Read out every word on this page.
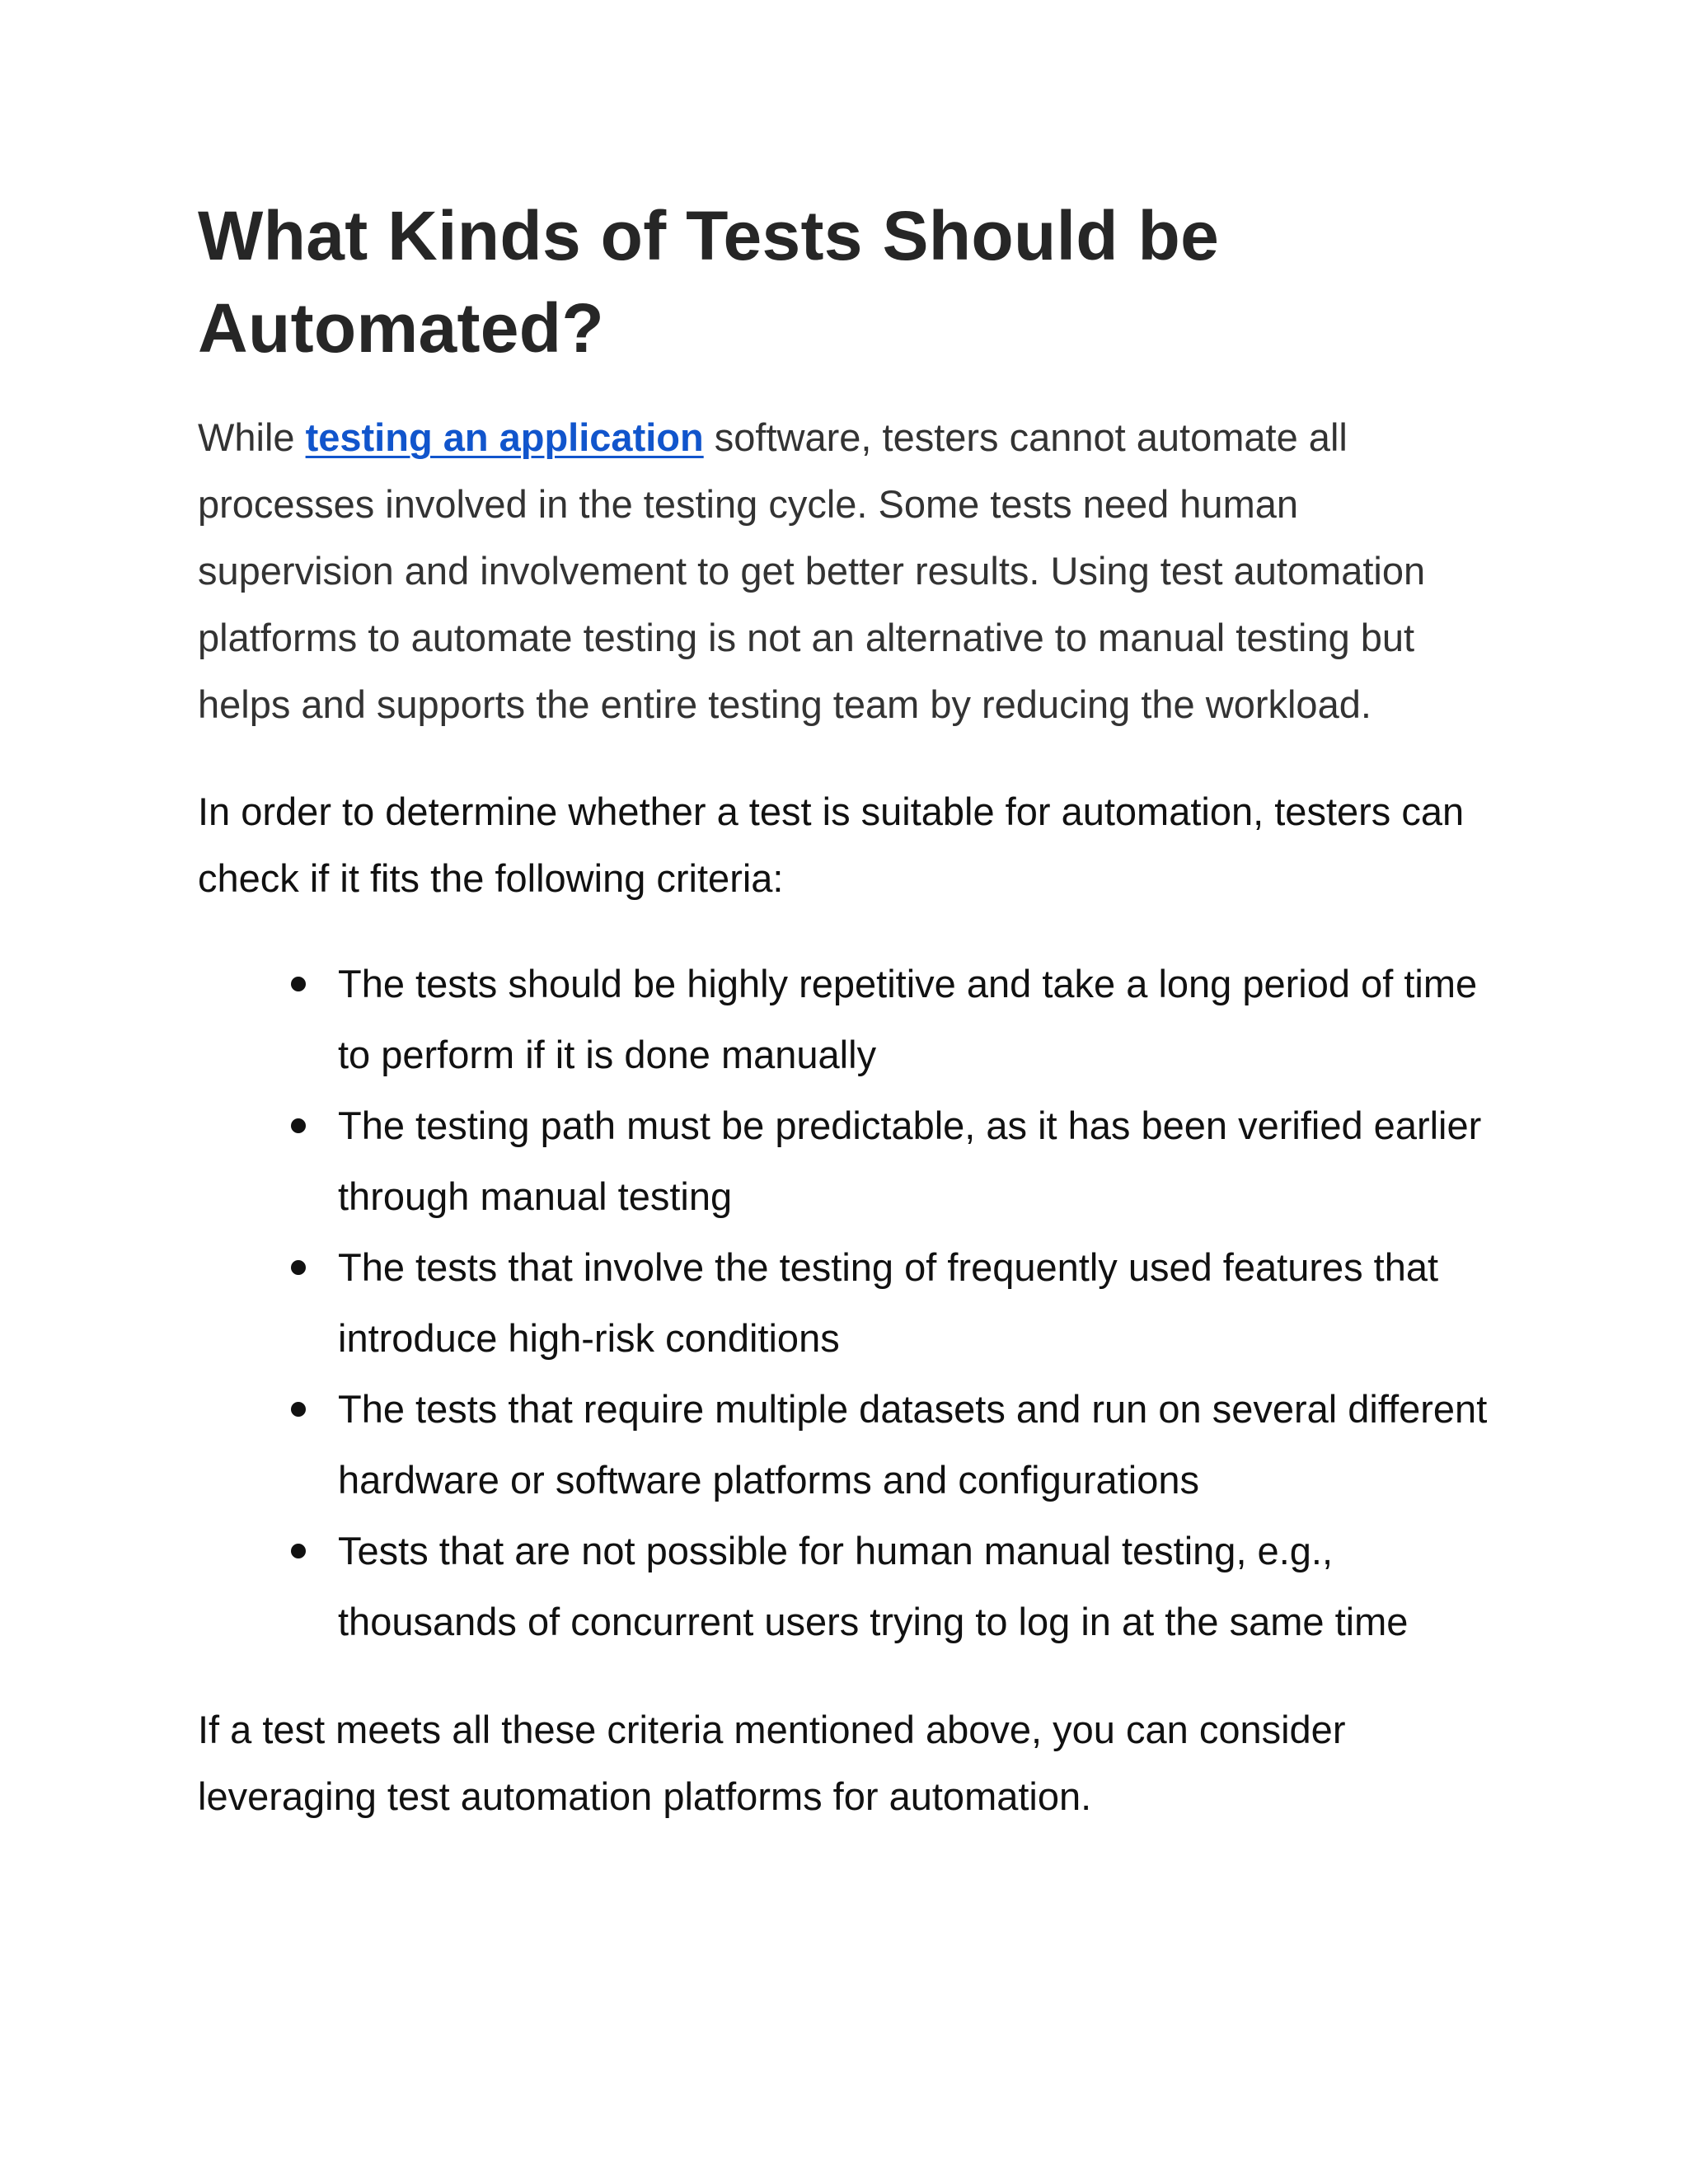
What Kinds of Tests Should be Automated?

While testing an application software, testers cannot automate all processes involved in the testing cycle. Some tests need human supervision and involvement to get better results. Using test automation platforms to automate testing is not an alternative to manual testing but helps and supports the entire testing team by reducing the workload.

In order to determine whether a test is suitable for automation, testers can check if it fits the following criteria:

The tests should be highly repetitive and take a long period of time to perform if it is done manually
The testing path must be predictable, as it has been verified earlier through manual testing
The tests that involve the testing of frequently used features that introduce high-risk conditions
The tests that require multiple datasets and run on several different hardware or software platforms and configurations
Tests that are not possible for human manual testing, e.g., thousands of concurrent users trying to log in at the same time

If a test meets all these criteria mentioned above, you can consider leveraging test automation platforms for automation.
